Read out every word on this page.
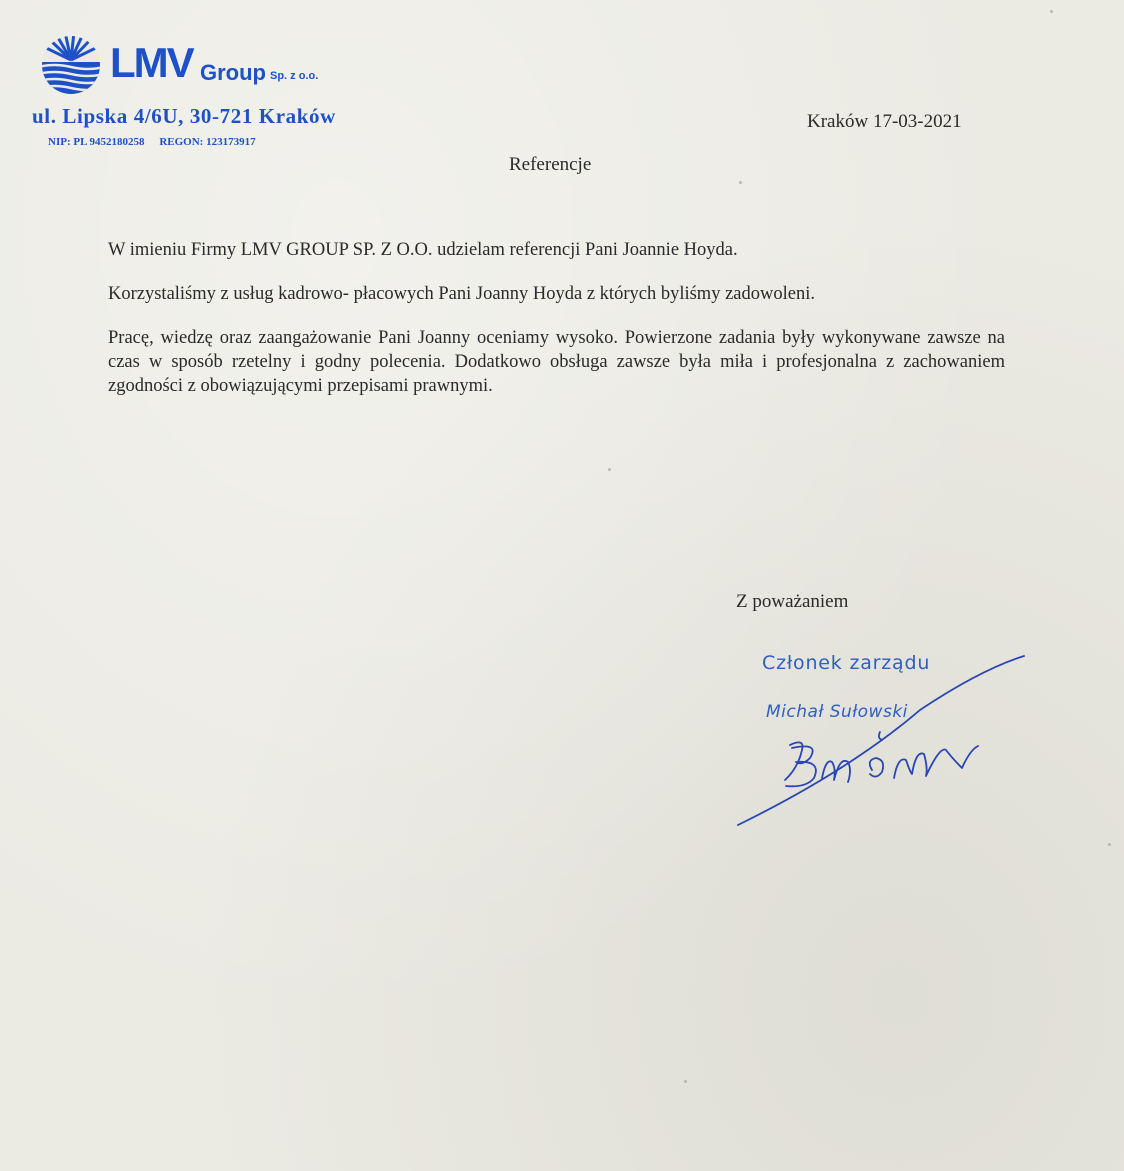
LMV Group Sp. z o.o.
ul. Lipska 4/6U, 30-721 Kraków
NIP: PL 9452180258 REGON: 123173917
Kraków 17-03-2021
Referencje

W imieniu Firmy LMV GROUP SP. Z O.O. udzielam referencji Pani Joannie Hoyda.

Korzystaliśmy z usług kadrowo- płacowych Pani Joanny Hoyda z których byliśmy zadowoleni.

Pracę, wiedzę oraz zaangażowanie Pani Joanny oceniamy wysoko. Powierzone zadania były wykonywane zawsze na czas w sposób rzetelny i godny polecenia. Dodatkowo obsługa zawsze była miła i profesjonalna z zachowaniem zgodności z obowiązującymi przepisami prawnymi.

Z poważaniem
Członek zarządu
Michał Sułowski
